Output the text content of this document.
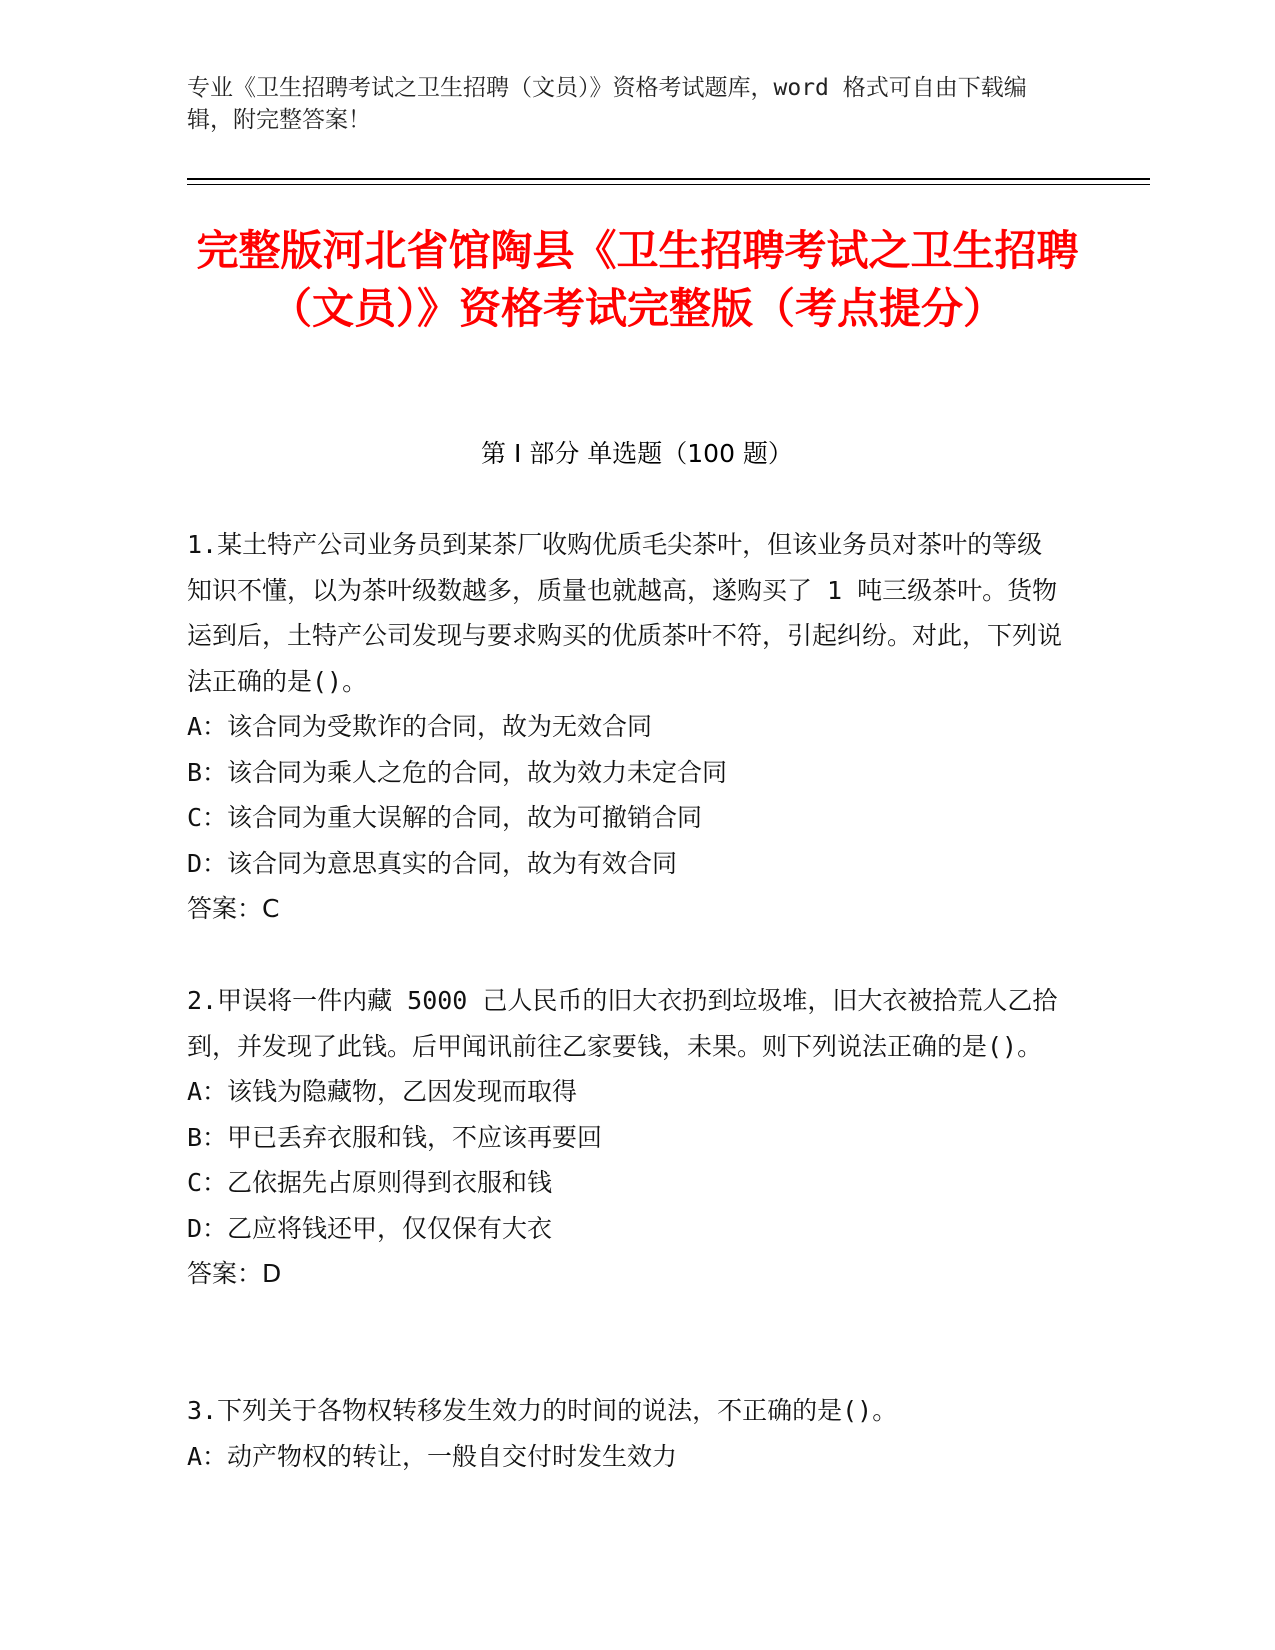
专业《卫生招聘考试之卫生招聘（文员）》资格考试题库，word 格式可自由下载编辑，附完整答案！
完整版河北省馆陶县《卫生招聘考试之卫生招聘（文员）》资格考试完整版（考点提分）
第 I 部分 单选题（100 题）

1.某土特产公司业务员到某茶厂收购优质毛尖茶叶，但该业务员对茶叶的等级知识不懂，以为茶叶级数越多，质量也就越高，遂购买了 1 吨三级茶叶。货物运到后，土特产公司发现与要求购买的优质茶叶不符，引起纠纷。对此，下列说法正确的是()。

A：该合同为受欺诈的合同，故为无效合同

B：该合同为乘人之危的合同，故为效力未定合同

C：该合同为重大误解的合同，故为可撤销合同

D：该合同为意思真实的合同，故为有效合同

答案：C

2.甲误将一件内藏 5000 己人民币的旧大衣扔到垃圾堆，旧大衣被拾荒人乙拾到，并发现了此钱。后甲闻讯前往乙家要钱，未果。则下列说法正确的是()。

A：该钱为隐藏物，乙因发现而取得

B：甲已丢弃衣服和钱，不应该再要回

C：乙依据先占原则得到衣服和钱

D：乙应将钱还甲，仅仅保有大衣

答案：D

3.下列关于各物权转移发生效力的时间的说法，不正确的是()。

A：动产物权的转让，一般自交付时发生效力
